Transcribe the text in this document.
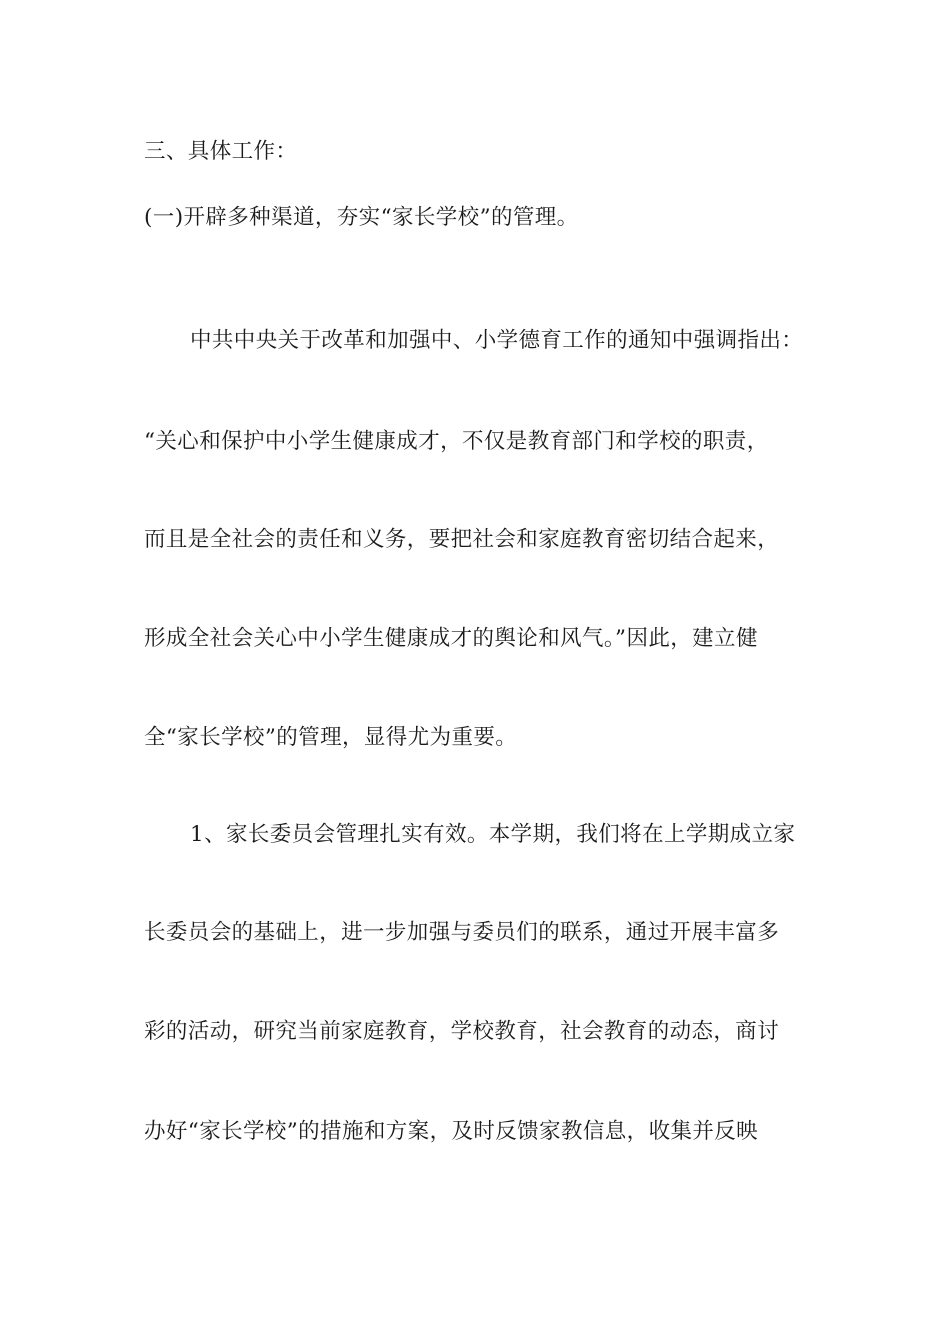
三、具体工作：
(一)开辟多种渠道，夯实“家长学校”的管理。
中共中央关于改革和加强中、小学德育工作的通知中强调指出：
“关心和保护中小学生健康成才，不仅是教育部门和学校的职责，
而且是全社会的责任和义务，要把社会和家庭教育密切结合起来，
形成全社会关心中小学生健康成才的舆论和风气。”因此，建立健
全“家长学校”的管理，显得尤为重要。
1、家长委员会管理扎实有效。本学期，我们将在上学期成立家
长委员会的基础上，进一步加强与委员们的联系，通过开展丰富多
彩的活动，研究当前家庭教育，学校教育，社会教育的动态，商讨
办好“家长学校”的措施和方案，及时反馈家教信息，收集并反映
